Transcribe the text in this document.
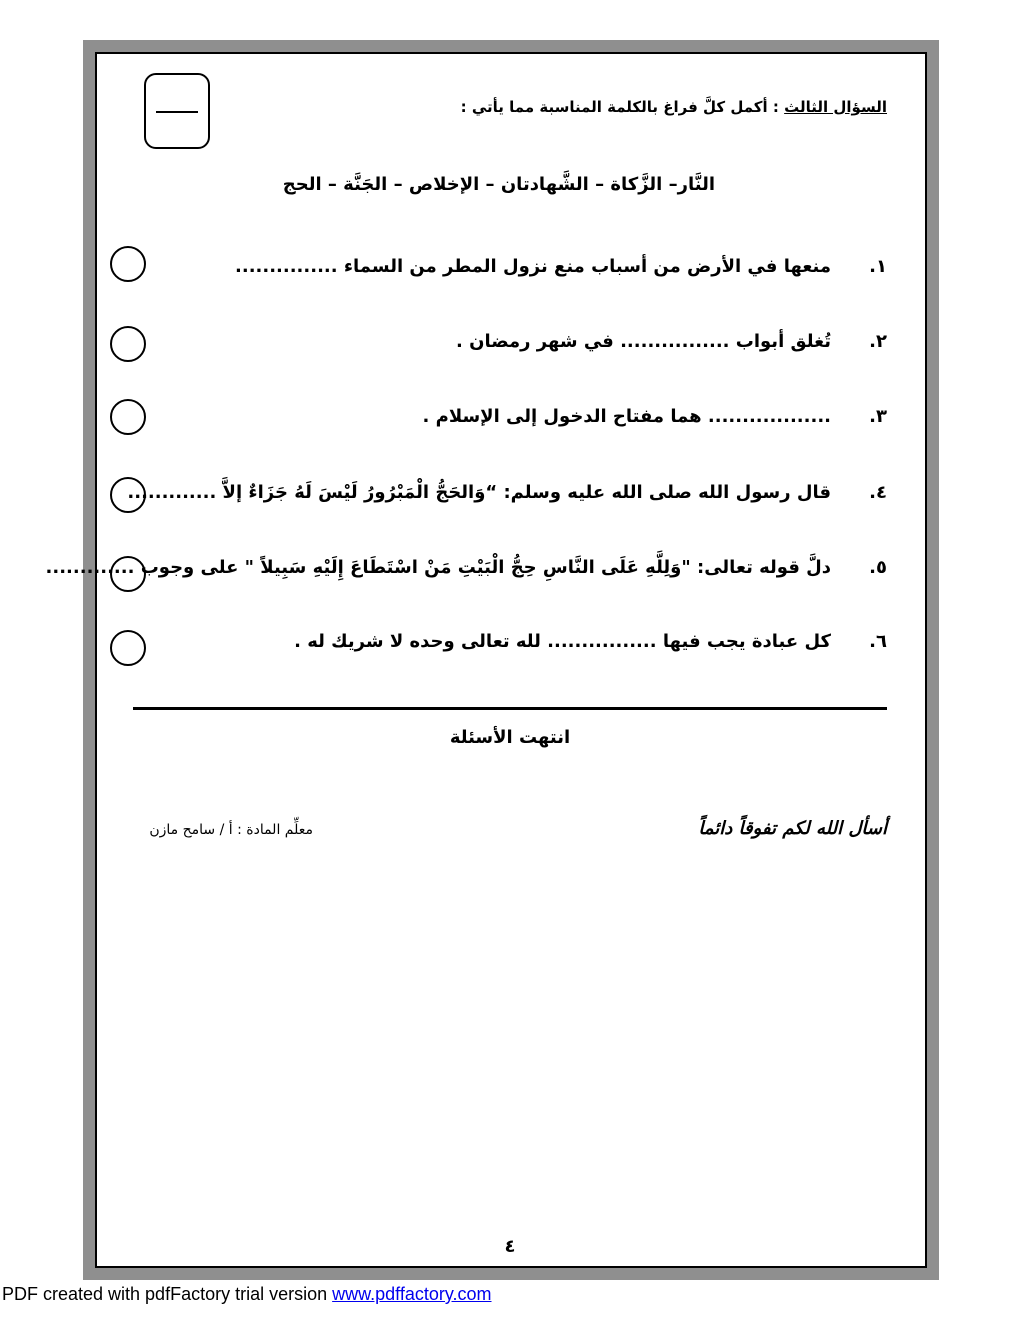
السؤال الثالث : أكمل كلَّ فراغ بالكلمة المناسبة مما يأتي :
النَّار– الزَّكاة – الشَّهادتان – الإخلاص – الجَنَّة – الحج
١.منعها في الأرض من أسباب منع نزول المطر من السماء ...............
٢.تُغلق أبواب ................ في شهر رمضان .
٣................... هما مفتاح الدخول إلى الإسلام .
٤.قال رسول الله صلى الله عليه وسلم: “وَالحَجُّ الْمَبْرُورُ لَيْسَ لَهُ جَزَاءٌ إلاَّ .............
٥.دلَّ قوله تعالى: "وَلِلَّهِ عَلَى النَّاسِ حِجُّ الْبَيْتِ مَنْ اسْتَطَاعَ إِلَيْهِ سَبِيلاً " على وجوب .............
٦.كل عبادة يجب فيها ................ لله تعالى وحده لا شريك له .
انتهت الأسئلة
أسأل الله لكم تفوقاً دائماً
معلِّم المادة : أ / سامح مازن
٤
PDF created with pdfFactory trial version www.pdffactory.com
